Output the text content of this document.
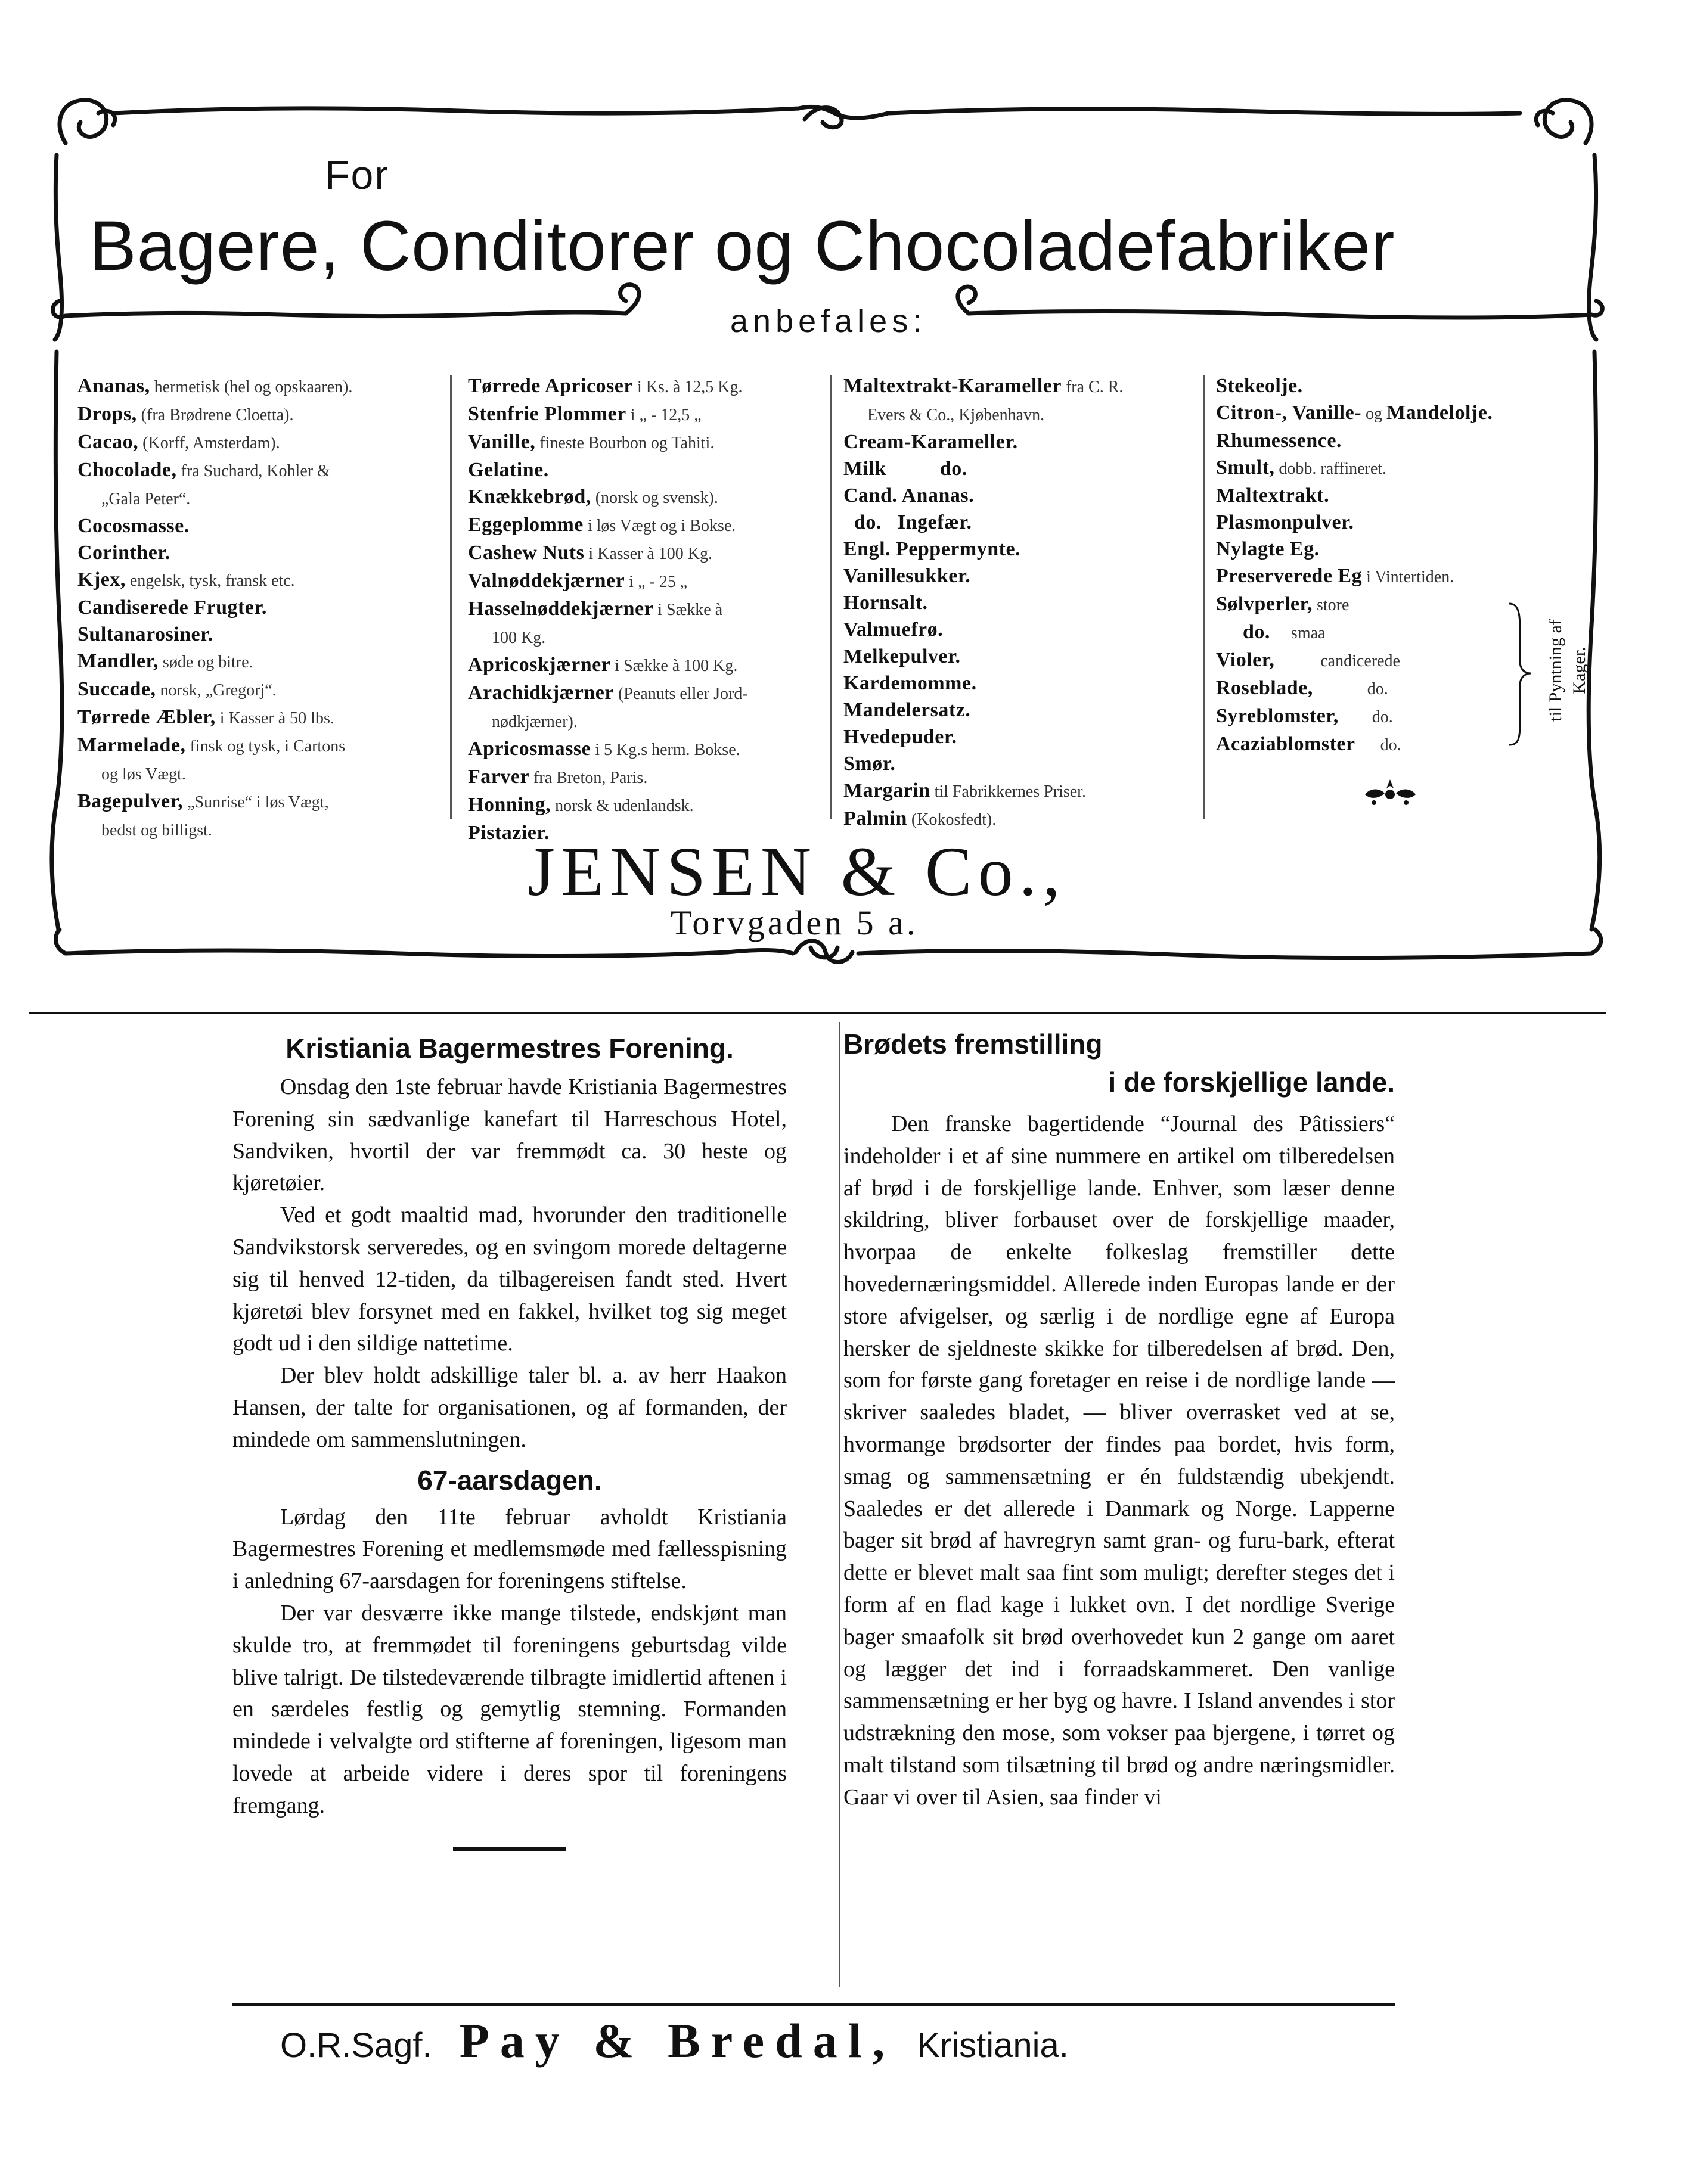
For
Bagere, Conditorer og Chocoladefabriker
anbefales:
Ananas, hermetisk (hel og opskaaren).
Drops, (fra Brødrene Cloetta).
Cacao, (Korff, Amsterdam).
Chocolade, fra Suchard, Kohler &
„Gala Peter“.
Cocosmasse.
Corinther.
Kjex, engelsk, tysk, fransk etc.
Candiserede Frugter.
Sultanarosiner.
Mandler, søde og bitre.
Succade, norsk, „Gregorj“.
Tørrede Æbler, i Kasser à 50 lbs.
Marmelade, finsk og tysk, i Cartons
og løs Vægt.
Bagepulver, „Sunrise“ i løs Vægt,
bedst og billigst.
Tørrede Apricoser i Ks. à 12,5 Kg.
Stenfrie Plommer i „ - 12,5 „
Vanille, fineste Bourbon og Tahiti.
Gelatine.
Knækkebrød, (norsk og svensk).
Eggeplomme i løs Vægt og i Bokse.
Cashew Nuts i Kasser à 100 Kg.
Valnøddekjærner i „ - 25 „
Hasselnøddekjærner i Sække à
100 Kg.
Apricoskjærner i Sække à 100 Kg.
Arachidkjærner (Peanuts eller Jord-
nødkjærner).
Apricosmasse i 5 Kg.s herm. Bokse.
Farver fra Breton, Paris.
Honning, norsk & udenlandsk.
Pistazier.
Maltextrakt-Karameller fra C. R.
Evers & Co., Kjøbenhavn.
Cream-Karameller.
Milk          do.
Cand. Ananas.
do.   Ingefær.
Engl. Peppermynte.
Vanillesukker.
Hornsalt.
Valmuefrø.
Melkepulver.
Kardemomme.
Mandelersatz.
Hvedepuder.
Smør.
Margarin til Fabrikkernes Priser.
Palmin (Kokosfedt).
Stekeolje.
Citron-, Vanille- og Mandelolje.
Rhumessence.
Smult, dobb. raffineret.
Maltextrakt.
Plasmonpulver.
Nylagte Eg.
Preserverede Eg i Vintertiden.
Sølvperler, store
do.     smaa
Violer,           candicerede
Roseblade,             do.
Syreblomster,        do.
Acaziablomster      do.
til Pyntning af Kager.
JENSEN & Co.,
Torvgaden 5 a.
Kristiania Bagermestres Forening.

Onsdag den 1ste februar havde Kristiania Bagermestres Forening sin sædvanlige kanefart til Harreschous Hotel, Sandviken, hvortil der var fremmødt ca. 30 heste og kjøretøier.

Ved et godt maaltid mad, hvorunder den traditionelle Sandvikstorsk serveredes, og en svingom morede deltagerne sig til henved 12-tiden, da tilbagereisen fandt sted. Hvert kjøretøi blev forsynet med en fakkel, hvilket tog sig meget godt ud i den sildige nattetime.

Der blev holdt adskillige taler bl. a. av herr Haakon Hansen, der talte for organisationen, og af formanden, der mindede om sammenslutningen.

67-aarsdagen.

Lørdag den 11te februar avholdt Kristiania Bagermestres Forening et medlemsmøde med fællesspisning i anledning 67-aarsdagen for foreningens stiftelse.

Der var desværre ikke mange tilstede, endskjønt man skulde tro, at fremmødet til foreningens geburtsdag vilde blive talrigt. De tilstedeværende tilbragte imidlertid aftenen i en særdeles festlig og gemytlig stemning. Formanden mindede i velvalgte ord stifterne af foreningen, ligesom man lovede at arbeide videre i deres spor til foreningens fremgang.

Brødets fremstilling
i de forskjellige lande.

Den franske bagertidende “Journal des Pâtissiers“ indeholder i et af sine nummere en artikel om tilberedelsen af brød i de forskjellige lande. Enhver, som læser denne skildring, bliver forbauset over de forskjellige maader, hvorpaa de enkelte folkeslag fremstiller dette hovedernæringsmiddel. Allerede inden Europas lande er der store afvigelser, og særlig i de nordlige egne af Europa hersker de sjeldneste skikke for tilberedelsen af brød. Den, som for første gang foretager en reise i de nordlige lande — skriver saaledes bladet, — bliver overrasket ved at se, hvormange brødsorter der findes paa bordet, hvis form, smag og sammensætning er én fuldstændig ubekjendt. Saaledes er det allerede i Danmark og Norge. Lapperne bager sit brød af havregryn samt gran- og furu-bark, efterat dette er blevet malt saa fint som muligt; derefter steges det i form af en flad kage i lukket ovn. I det nordlige Sverige bager smaafolk sit brød overhovedet kun 2 gange om aaret og lægger det ind i forraadskammeret. Den vanlige sammensætning er her byg og havre. I Island anvendes i stor udstrækning den mose, som vokser paa bjergene, i tørret og malt tilstand som tilsætning til brød og andre næringsmidler. Gaar vi over til Asien, saa finder vi

O.R.Sagf. Pay & Bredal, Kristiania.
